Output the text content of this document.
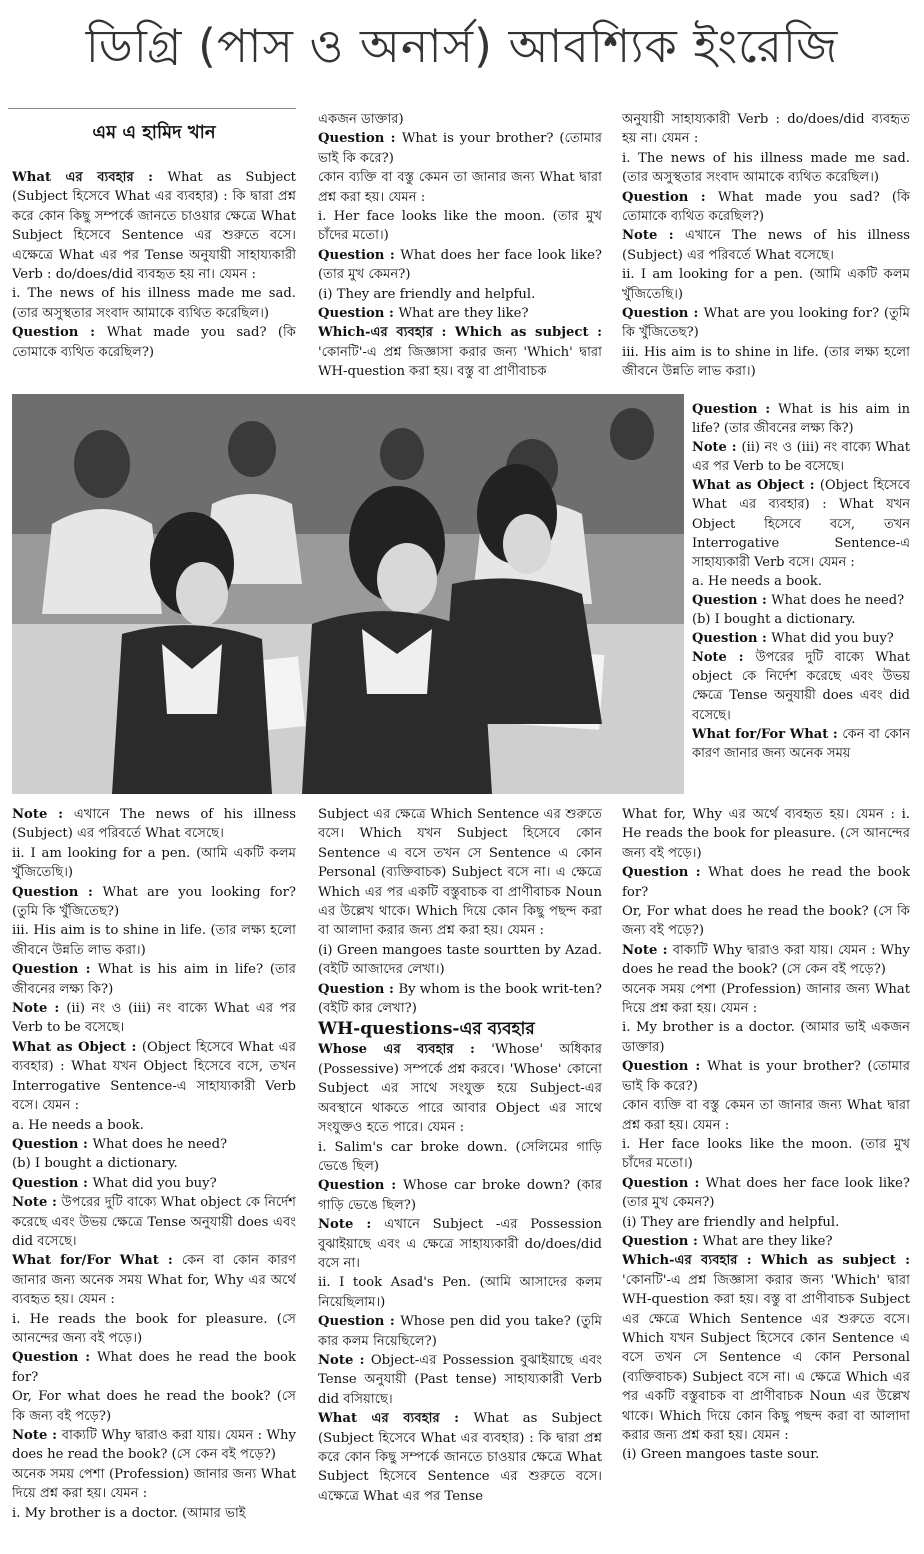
ডিগ্রি (পাস ও অনার্স) আবশ্যিক ইংরেজি
এম এ হামিদ খান

What এর ব্যবহার : What as Subject (Subject হিসেবে What এর ব্যবহার) : কি দ্বারা প্রশ্ন করে কোন কিছু সম্পর্কে জানতে চাওয়ার ক্ষেত্রে What Subject হিসেবে Sentence এর শুরুতে বসে। এক্ষেত্রে What এর পর Tense অনুযায়ী সাহায্যকারী Verb : do/does/did ব্যবহৃত হয় না। যেমন :

i. The news of his illness made me sad. (তার অসুস্থতার সংবাদ আমাকে ব্যথিত করেছিল।)

Question : What made you sad? (কি তোমাকে ব্যথিত করেছিল?)

একজন ডাক্তার)

Question : What is your brother? (তোমার ভাই কি করে?)

কোন ব্যক্তি বা বস্তু কেমন তা জানার জন্য What দ্বারা প্রশ্ন করা হয়। যেমন :

i. Her face looks like the moon. (তার মুখ চাঁদের মতো।)

Question : What does her face look like? (তার মুখ কেমন?)

(i) They are friendly and helpful.

Question : What are they like?

Which-এর ব্যবহার : Which as subject : 'কোনটি'-এ প্রশ্ন জিজ্ঞাসা করার জন্য 'Which' দ্বারা WH-question করা হয়। বস্তু বা প্রাণীবাচক

অনুযায়ী সাহায্যকারী Verb : do/does/did ব্যবহৃত হয় না। যেমন :

i. The news of his illness made me sad. (তার অসুস্থতার সংবাদ আমাকে ব্যথিত করেছিল।)

Question : What made you sad? (কি তোমাকে ব্যথিত করেছিল?)

Note : এখানে The news of his illness (Subject) এর পরিবর্তে What বসেছে।

ii. I am looking for a pen. (আমি একটি কলম খুঁজিতেছি।)

Question : What are you looking for? (তুমি কি খুঁজিতেছ?)

iii. His aim is to shine in life. (তার লক্ষ্য হলো জীবনে উন্নতি লাভ করা।)

Question : What is his aim in life? (তার জীবনের লক্ষ্য কি?)

Note : (ii) নং ও (iii) নং বাক্যে What এর পর Verb to be বসেছে।

What as Object : (Object হিসেবে What এর ব্যবহার) : What যখন Object হিসেবে বসে, তখন Interrogative Sentence-এ সাহায্যকারী Verb বসে। যেমন :

a. He needs a book.

Question : What does he need?

(b) I bought a dictionary.

Question : What did you buy?

Note : উপরের দুটি বাক্যে What object কে নির্দেশ করেছে এবং উভয় ক্ষেত্রে Tense অনুযায়ী does এবং did বসেছে।

What for/For What : কেন বা কোন কারণ জানার জন্য অনেক সময়

Note : এখানে The news of his illness (Subject) এর পরিবর্তে What বসেছে।

ii. I am looking for a pen. (আমি একটি কলম খুঁজিতেছি।)

Question : What are you looking for? (তুমি কি খুঁজিতেছ?)

iii. His aim is to shine in life. (তার লক্ষ্য হলো জীবনে উন্নতি লাভ করা।)

Question : What is his aim in life? (তার জীবনের লক্ষ্য কি?)

Note : (ii) নং ও (iii) নং বাক্যে What এর পর Verb to be বসেছে।

What as Object : (Object হিসেবে What এর ব্যবহার) : What যখন Object হিসেবে বসে, তখন Interrogative Sentence-এ সাহায্যকারী Verb বসে। যেমন :

a. He needs a book.

Question : What does he need?

(b) I bought a dictionary.

Question : What did you buy?

Note : উপরের দুটি বাক্যে What object কে নির্দেশ করেছে এবং উভয় ক্ষেত্রে Tense অনুযায়ী does এবং did বসেছে।

What for/For What : কেন বা কোন কারণ জানার জন্য অনেক সময় What for, Why এর অর্থে ব্যবহৃত হয়। যেমন :

i. He reads the book for pleasure. (সে আনন্দের জন্য বই পড়ে।)

Question : What does he read the book for?

Or, For what does he read the book? (সে কি জন্য বই পড়ে?)

Note : বাক্যটি Why দ্বারাও করা যায়। যেমন : Why does he read the book? (সে কেন বই পড়ে?)

অনেক সময় পেশা (Profession) জানার জন্য What দিয়ে প্রশ্ন করা হয়। যেমন :

i. My brother is a doctor. (আমার ভাই

Subject এর ক্ষেত্রে Which Sentence এর শুরুতে বসে। Which যখন Subject হিসেবে কোন Sentence এ বসে তখন সে Sentence এ কোন Personal (ব্যক্তিবাচক) Subject বসে না। এ ক্ষেত্রে Which এর পর একটি বস্তুবাচক বা প্রাণীবাচক Noun এর উল্লেখ থাকে। Which দিয়ে কোন কিছু পছন্দ করা বা আলাদা করার জন্য প্রশ্ন করা হয়। যেমন :

(i) Green mangoes taste sourtten by Azad. (বইটি আজাদের লেখা।)

Question : By whom is the book writ-ten? (বইটি কার লেখা?)

WH-questions-এর ব্যবহার

Whose এর ব্যবহার : 'Whose' অধিকার (Possessive) সম্পর্কে প্রশ্ন করবে। 'Whose' কোনো Subject এর সাথে সংযুক্ত হয়ে Subject-এর অবস্থানে থাকতে পারে আবার Object এর সাথে সংযুক্তও হতে পারে। যেমন :

i. Salim's car broke down. (সেলিমের গাড়ি ভেঙে ছিল)

Question : Whose car broke down? (কার গাড়ি ভেঙে ছিল?)

Note : এখানে Subject -এর Possession বুঝাইয়াছে এবং এ ক্ষেত্রে সাহায্যকারী do/does/did বসে না।

ii. I took Asad's Pen. (আমি আসাদের কলম নিয়েছিলাম।)

Question : Whose pen did you take? (তুমি কার কলম নিয়েছিলে?)

Note : Object-এর Possession বুঝাইয়াছে এবং Tense অনুযায়ী (Past tense) সাহায্যকারী Verb did বসিয়াছে।

What এর ব্যবহার : What as Subject (Subject হিসেবে What এর ব্যবহার) : কি দ্বারা প্রশ্ন করে কোন কিছু সম্পর্কে জানতে চাওয়ার ক্ষেত্রে What Subject হিসেবে Sentence এর শুরুতে বসে। এক্ষেত্রে What এর পর Tense

What for, Why এর অর্থে ব্যবহৃত হয়। যেমন : i. He reads the book for pleasure. (সে আনন্দের জন্য বই পড়ে।)

Question : What does he read the book for?

Or, For what does he read the book? (সে কি জন্য বই পড়ে?)

Note : বাক্যটি Why দ্বারাও করা যায়। যেমন : Why does he read the book? (সে কেন বই পড়ে?)

অনেক সময় পেশা (Profession) জানার জন্য What দিয়ে প্রশ্ন করা হয়। যেমন :

i. My brother is a doctor. (আমার ভাই একজন ডাক্তার)

Question : What is your brother? (তোমার ভাই কি করে?)

কোন ব্যক্তি বা বস্তু কেমন তা জানার জন্য What দ্বারা প্রশ্ন করা হয়। যেমন :

i. Her face looks like the moon. (তার মুখ চাঁদের মতো।)

Question : What does her face look like? (তার মুখ কেমন?)

(i) They are friendly and helpful.

Question : What are they like?

Which-এর ব্যবহার : Which as subject : 'কোনটি'-এ প্রশ্ন জিজ্ঞাসা করার জন্য 'Which' দ্বারা WH-question করা হয়। বস্তু বা প্রাণীবাচক Subject এর ক্ষেত্রে Which Sentence এর শুরুতে বসে। Which যখন Subject হিসেবে কোন Sentence এ বসে তখন সে Sentence এ কোন Personal (ব্যক্তিবাচক) Subject বসে না। এ ক্ষেত্রে Which এর পর একটি বস্তুবাচক বা প্রাণীবাচক Noun এর উল্লেখ থাকে। Which দিয়ে কোন কিছু পছন্দ করা বা আলাদা করার জন্য প্রশ্ন করা হয়। যেমন :

(i) Green mangoes taste sour.
